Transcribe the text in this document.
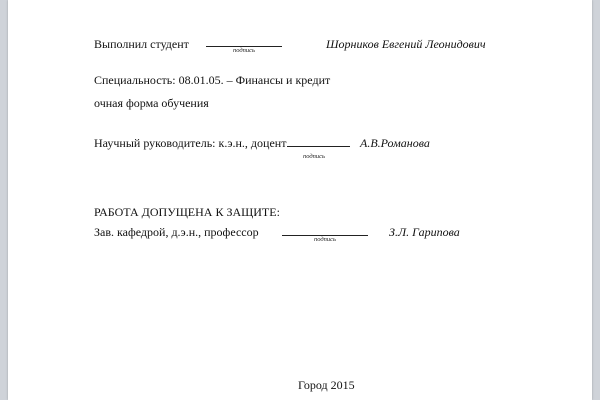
Выполнил студент	подпись	Шорников Евгений Леонидович
Специальность: 08.01.05. – Финансы и кредит
очная форма обучения
Научный руководитель: к.э.н., доцент
подпись
А.В.Романова
РАБОТА ДОПУЩЕНА К ЗАЩИТЕ:
Зав. кафедрой, д.э.н., профессор
подпись
З.Л. Гарипова
Город 2015
